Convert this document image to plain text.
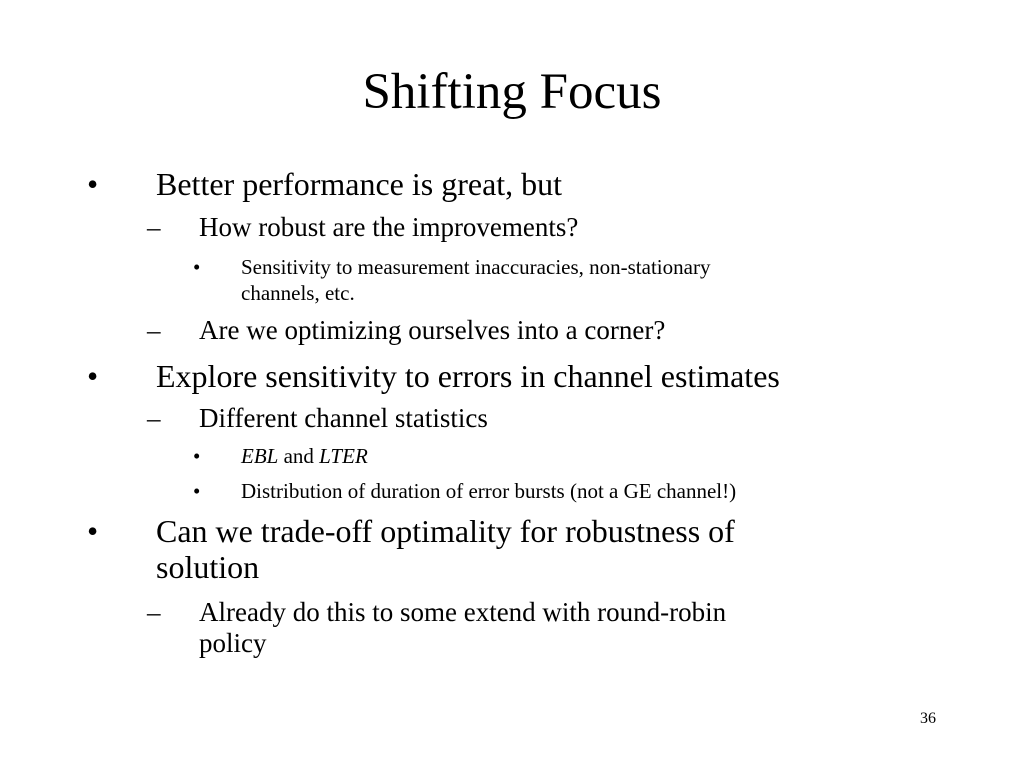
Shifting Focus
• Better performance is great, but
– How robust are the improvements?
• Sensitivity to measurement inaccuracies, non-stationary
channels, etc.
– Are we optimizing ourselves into a corner?
• Explore sensitivity to errors in channel estimates
– Different channel statistics
• EBL and LTER
• Distribution of duration of error bursts (not a GE channel!)
• Can we trade-off optimality for robustness of
solution
– Already do this to some extend with round-robin
policy
36
